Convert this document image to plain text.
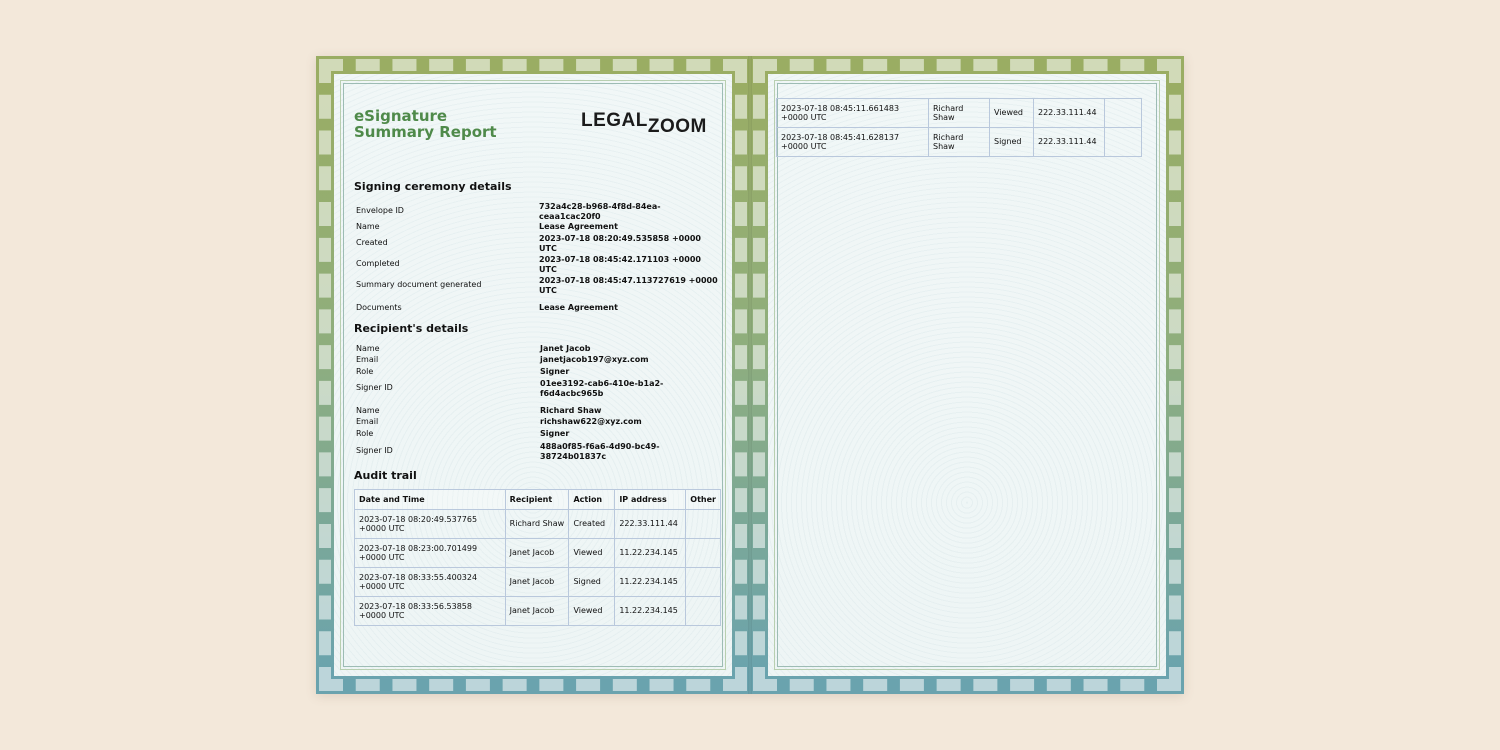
eSignature
Summary Report
LEGALZOOM
Signing ceremony details
Envelope ID	732a4c28-b968-4f8d-84ea-ceaa1cac20f0
Name	Lease Agreement
Created	2023-07-18 08:20:49.535858 +0000 UTC
Completed	2023-07-18 08:45:42.171103 +0000 UTC
Summary document generated	2023-07-18 08:45:47.113727619 +0000 UTC
Documents	Lease Agreement
Recipient's details
Name	Janet Jacob
Email	janetjacob197@xyz.com
Role	Signer
Signer ID	01ee3192-cab6-410e-b1a2-f6d4acbc965b
Name	Richard Shaw
Email	richshaw622@xyz.com
Role	Signer
Signer ID	488a0f85-f6a6-4d90-bc49-38724b01837c
Audit trail
Date and Time	Recipient	Action	IP address	Other
2023-07-18 08:20:49.537765 +0000 UTC	Richard Shaw	Created	222.33.111.44	
2023-07-18 08:23:00.701499 +0000 UTC	Janet Jacob	Viewed	11.22.234.145	
2023-07-18 08:33:55.400324 +0000 UTC	Janet Jacob	Signed	11.22.234.145	
2023-07-18 08:33:56.53858 +0000 UTC	Janet Jacob	Viewed	11.22.234.145	
2023-07-18 08:45:11.661483 +0000 UTC	Richard Shaw	Viewed	222.33.111.44	
2023-07-18 08:45:41.628137 +0000 UTC	Richard Shaw	Signed	222.33.111.44	
